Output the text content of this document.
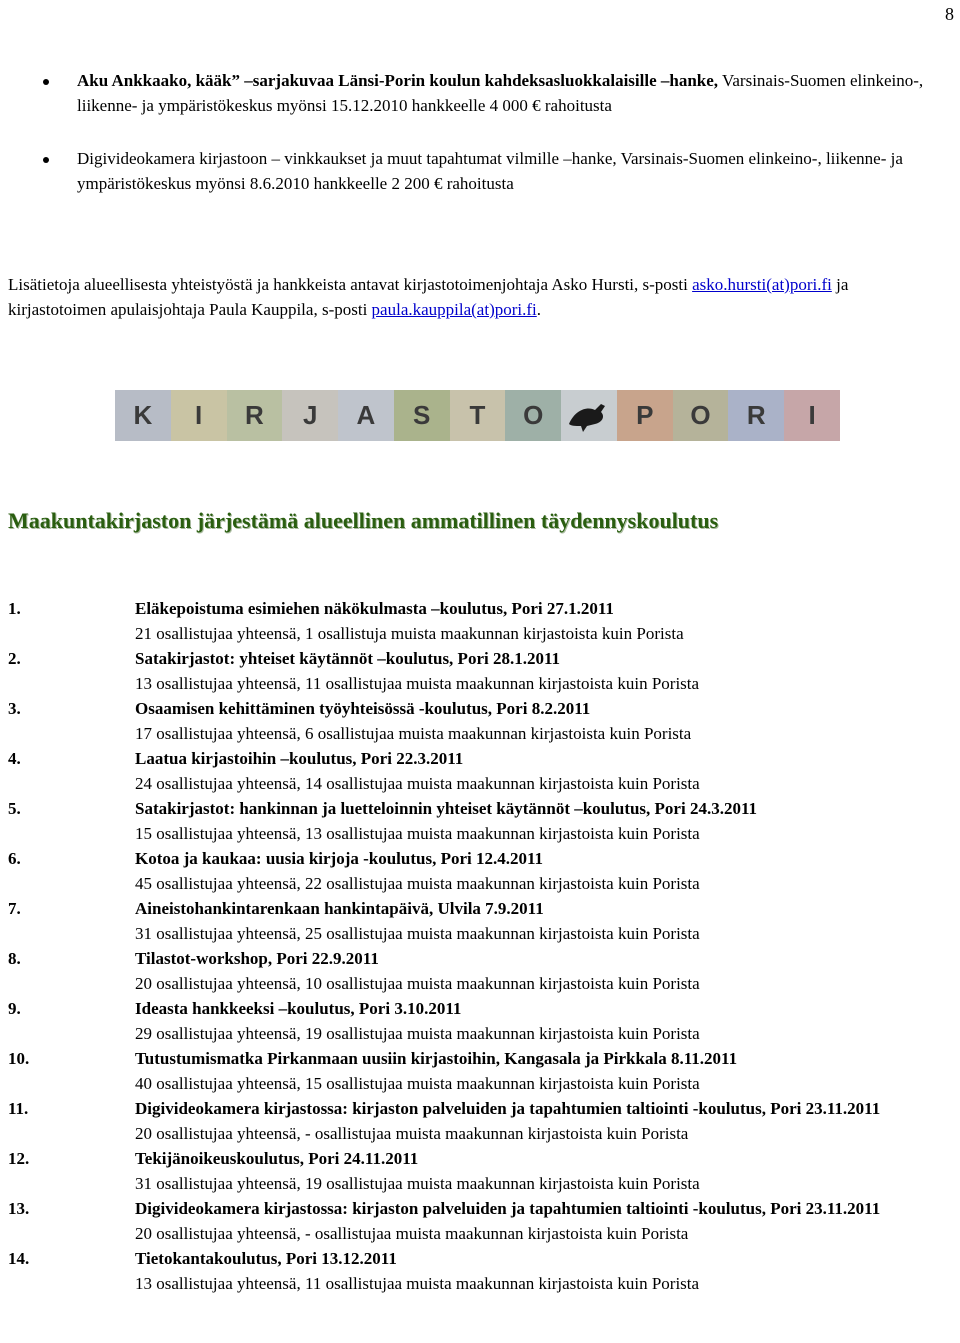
8
Aku Ankkaako, kääk” –sarjakuvaa Länsi-Porin koulun kahdeksasluokkalaisille –hanke, Varsinais-Suomen elinkeino-, liikenne- ja ympäristökeskus myönsi 15.12.2010 hankkeelle 4 000 € rahoitusta
Digivideokamera kirjastoon – vinkkaukset ja muut tapahtumat vilmille –hanke, Varsinais-Suomen elinkeino-, liikenne- ja ympäristökeskus myönsi 8.6.2010 hankkeelle 2 200 € rahoitusta
Lisätietoja alueellisesta yhteistyöstä ja hankkeista antavat kirjastotoimenjohtaja Asko Hursti, s-posti asko.hursti(at)pori.fi ja kirjastotoimen apulaisjohtaja Paula Kauppila, s-posti paula.kauppila(at)pori.fi.
K	I	R	J	A	S	T	O	P	O	R	I
Maakuntakirjaston järjestämä alueellinen ammatillinen täydennyskoulutus
1.	Eläkepoistuma esimiehen näkökulmasta –koulutus, Pori 27.1.2011
21 osallistujaa yhteensä, 1 osallistuja muista maakunnan kirjastoista kuin Porista
2.	Satakirjastot: yhteiset käytännöt –koulutus, Pori 28.1.2011
13 osallistujaa yhteensä, 11 osallistujaa muista maakunnan kirjastoista kuin Porista
3.	Osaamisen kehittäminen työyhteisössä -koulutus, Pori 8.2.2011
17 osallistujaa yhteensä, 6 osallistujaa muista maakunnan kirjastoista kuin Porista
4.	Laatua kirjastoihin –koulutus, Pori 22.3.2011
24 osallistujaa yhteensä, 14 osallistujaa muista maakunnan kirjastoista kuin Porista
5.	Satakirjastot: hankinnan ja luetteloinnin yhteiset käytännöt –koulutus, Pori 24.3.2011
15 osallistujaa yhteensä, 13 osallistujaa muista maakunnan kirjastoista kuin Porista
6.	Kotoa ja kaukaa: uusia kirjoja -koulutus, Pori 12.4.2011
45 osallistujaa yhteensä, 22 osallistujaa muista maakunnan kirjastoista kuin Porista
7.	Aineistohankintarenkaan hankintapäivä, Ulvila 7.9.2011
31 osallistujaa yhteensä, 25 osallistujaa muista maakunnan kirjastoista kuin Porista
8.	Tilastot-workshop, Pori 22.9.2011
20 osallistujaa yhteensä, 10 osallistujaa muista maakunnan kirjastoista kuin Porista
9.	Ideasta hankkeeksi –koulutus, Pori 3.10.2011
29 osallistujaa yhteensä, 19 osallistujaa muista maakunnan kirjastoista kuin Porista
10.	Tutustumismatka Pirkanmaan uusiin kirjastoihin, Kangasala ja Pirkkala 8.11.2011
40 osallistujaa yhteensä, 15 osallistujaa muista maakunnan kirjastoista kuin Porista
11.	Digivideokamera kirjastossa: kirjaston palveluiden ja tapahtumien taltiointi -koulutus, Pori 23.11.2011
20 osallistujaa yhteensä, - osallistujaa muista maakunnan kirjastoista kuin Porista
12.	Tekijänoikeuskoulutus, Pori 24.11.2011
31 osallistujaa yhteensä, 19 osallistujaa muista maakunnan kirjastoista kuin Porista
13.	Digivideokamera kirjastossa: kirjaston palveluiden ja tapahtumien taltiointi -koulutus, Pori 23.11.2011
20 osallistujaa yhteensä, - osallistujaa muista maakunnan kirjastoista kuin Porista
14.	Tietokantakoulutus, Pori 13.12.2011
13 osallistujaa yhteensä, 11 osallistujaa muista maakunnan kirjastoista kuin Porista
